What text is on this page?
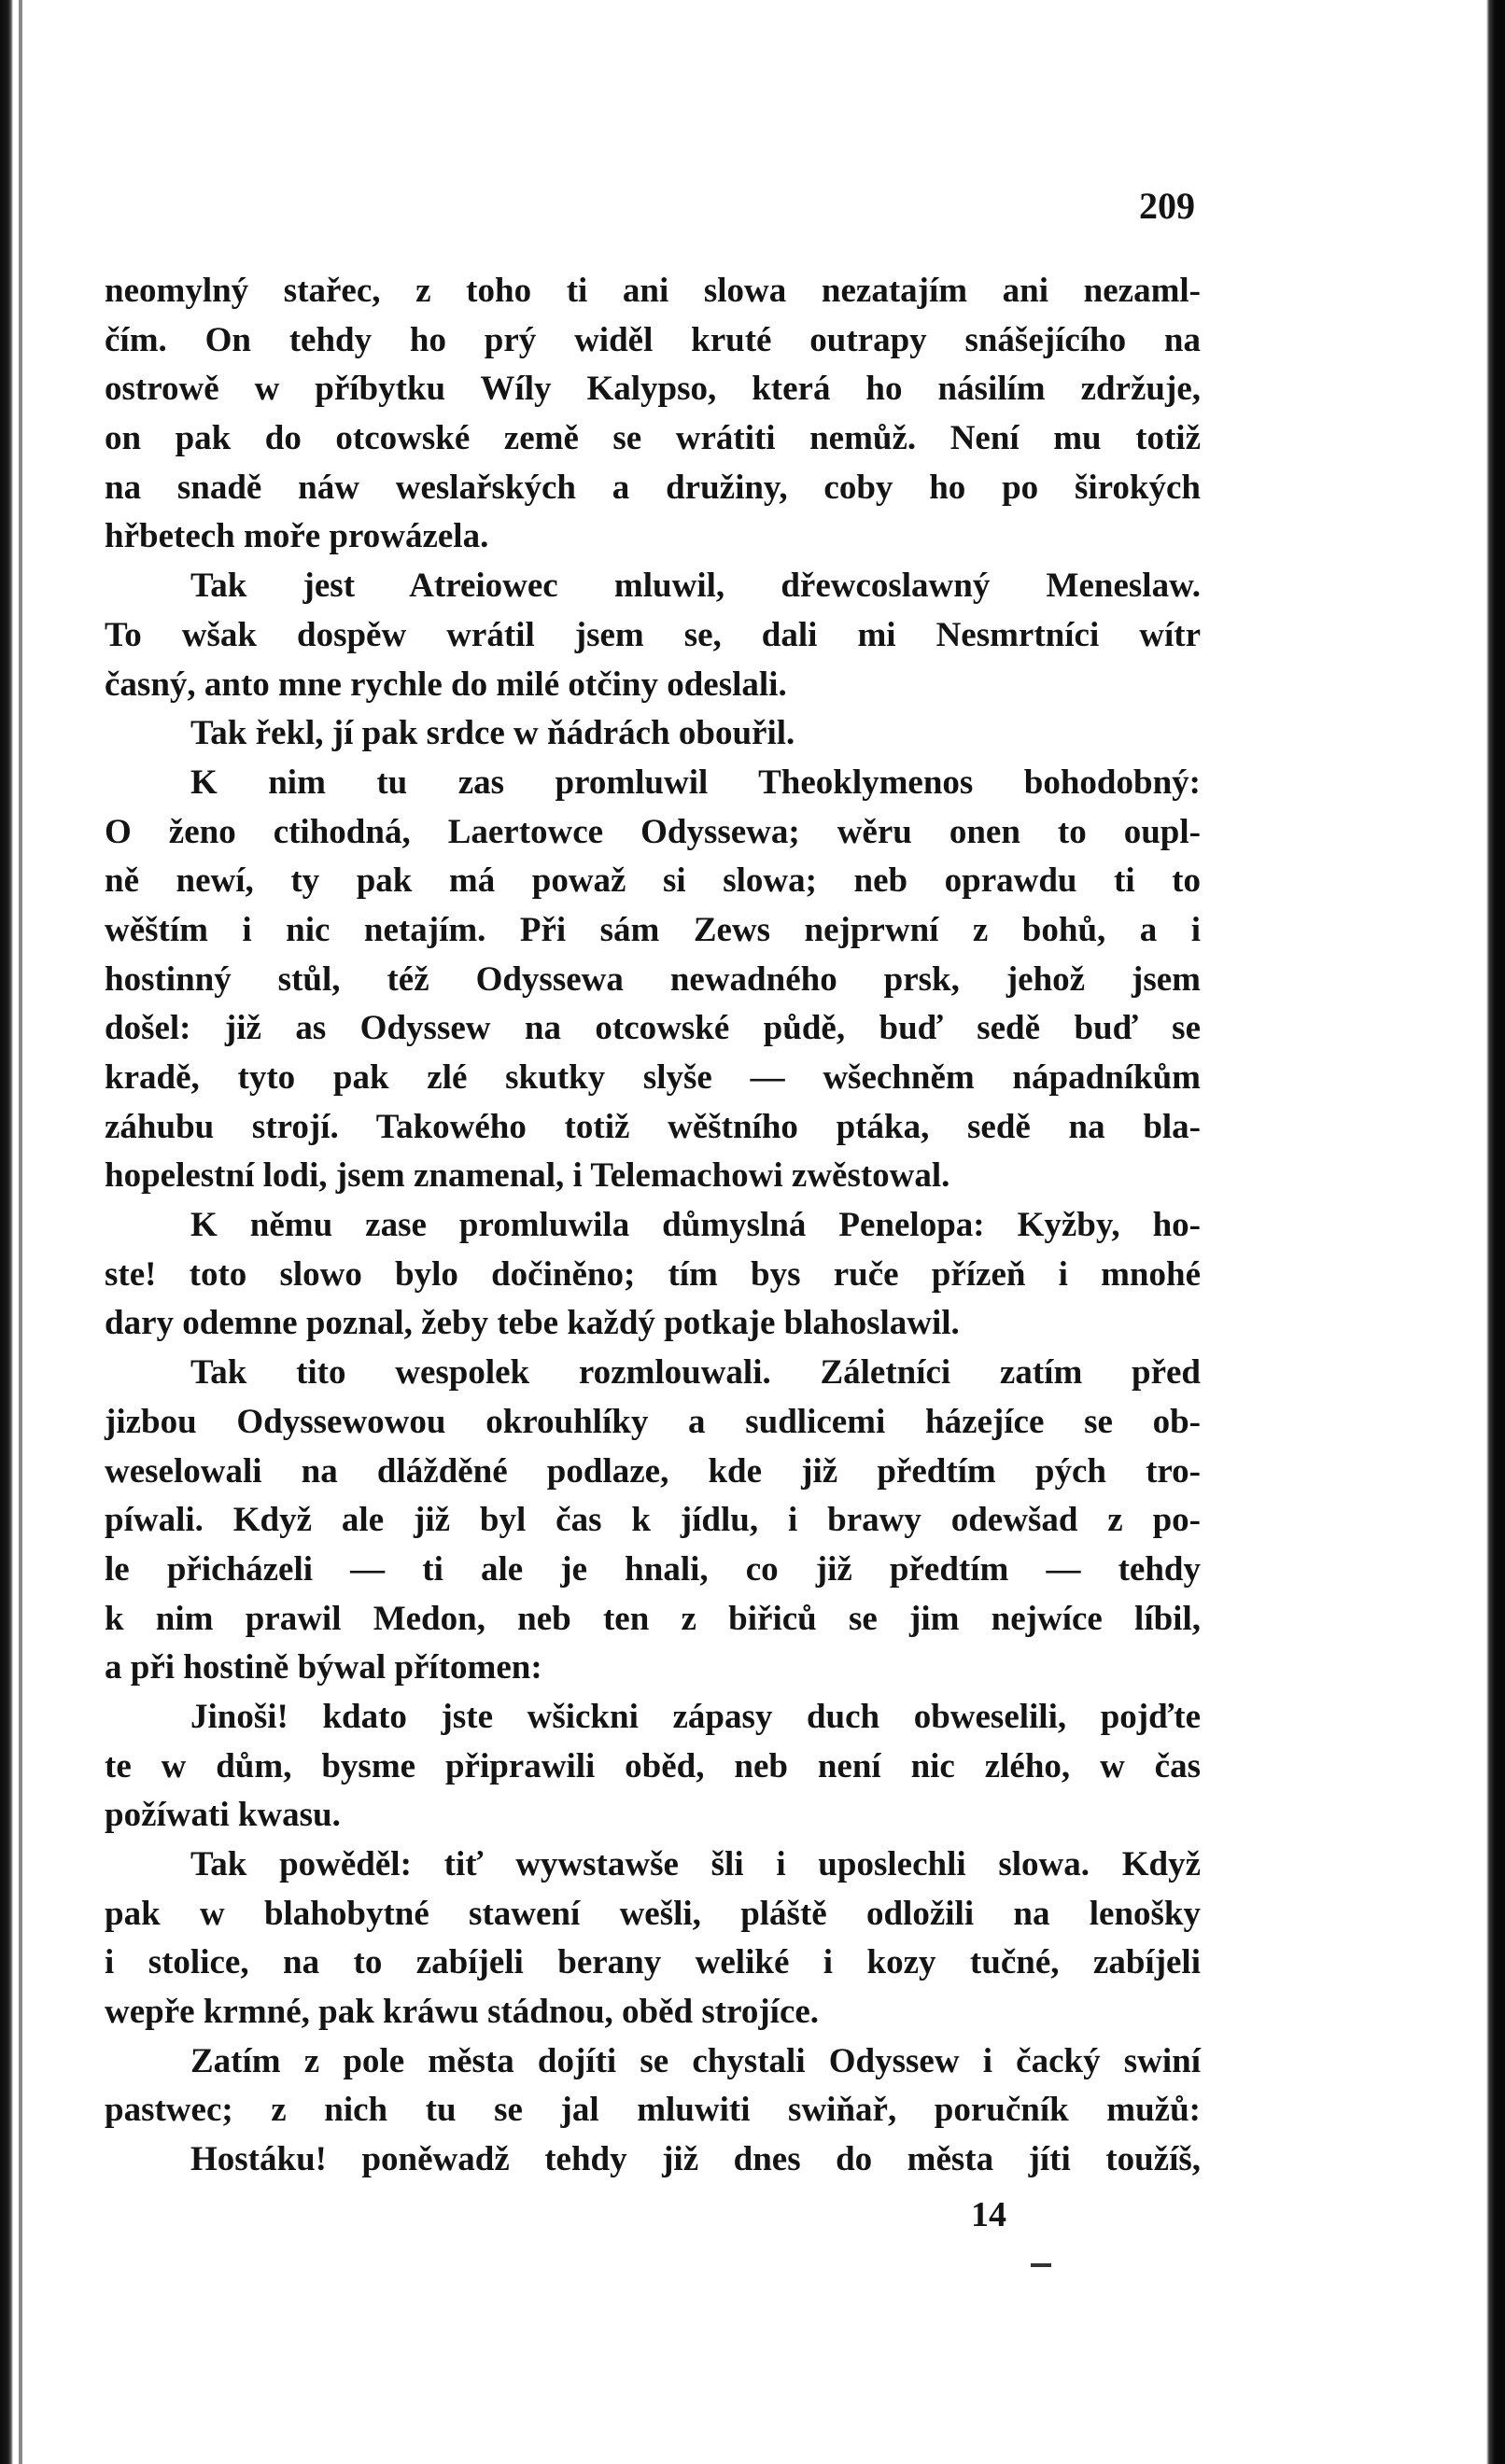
209
neomylný stařec, z toho ti ani slowa nezatajím ani nezaml-
čím. On tehdy ho prý widěl kruté outrapy snášejícího na
ostrowě w příbytku Wíly Kalypso, která ho násilím zdržuje,
on pak do otcowské země se wrátiti nemůž. Není mu totiž
na snadě náw weslařských a družiny, coby ho po širokých
hřbetech moře prowázela.
Tak jest Atreiowec mluwil, dřewcoslawný Meneslaw.
To wšak dospěw wrátil jsem se, dali mi Nesmrtníci wítr
časný, anto mne rychle do milé otčiny odeslali.
Tak řekl, jí pak srdce w ňádrách obouřil.
K nim tu zas promluwil Theoklymenos bohodobný:
O ženo ctihodná, Laertowce Odyssewa; wěru onen to oupl-
ně newí, ty pak má powaž si slowa; neb oprawdu ti to
wěštím i nic netajím. Při sám Zews nejprwní z bohů, a i
hostinný stůl, též Odyssewa newadného prsk, jehož jsem
došel: již as Odyssew na otcowské půdě, buď sedě buď se
kradě, tyto pak zlé skutky slyše — wšechněm nápadníkům
záhubu strojí. Takowého totiž wěštního ptáka, sedě na bla-
hopelestní lodi, jsem znamenal, i Telemachowi zwěstowal.
K němu zase promluwila důmyslná Penelopa: Kyžby, ho-
ste! toto slowo bylo dočiněno; tím bys ruče přízeň i mnohé
dary odemne poznal, žeby tebe každý potkaje blahoslawil.
Tak tito wespolek rozmlouwali. Záletníci zatím před
jizbou Odyssewowou okrouhlíky a sudlicemi házejíce se ob-
weselowali na dlážděné podlaze, kde již předtím pých tro-
píwali. Když ale již byl čas k jídlu, i brawy odewšad z po-
le přicházeli — ti ale je hnali, co již předtím — tehdy
k nim prawil Medon, neb ten z biřiců se jim nejwíce líbil,
a při hostině býwal přítomen:
Jinoši! kdato jste wšickni zápasy duch obweselili, pojďte
te w dům, bysme připrawili oběd, neb není nic zlého, w čas
požíwati kwasu.
Tak powěděl: tiť wywstawše šli i uposlechli slowa. Když
pak w blahobytné stawení wešli, pláště odložili na lenošky
i stolice, na to zabíjeli berany weliké i kozy tučné, zabíjeli
wepře krmné, pak kráwu stádnou, oběd strojíce.
Zatím z pole města dojíti se chystali Odyssew i čacký swiní
pastwec; z nich tu se jal mluwiti swiňař, poručník mužů:
Hostáku! poněwadž tehdy již dnes do města jíti toužíš,
14
